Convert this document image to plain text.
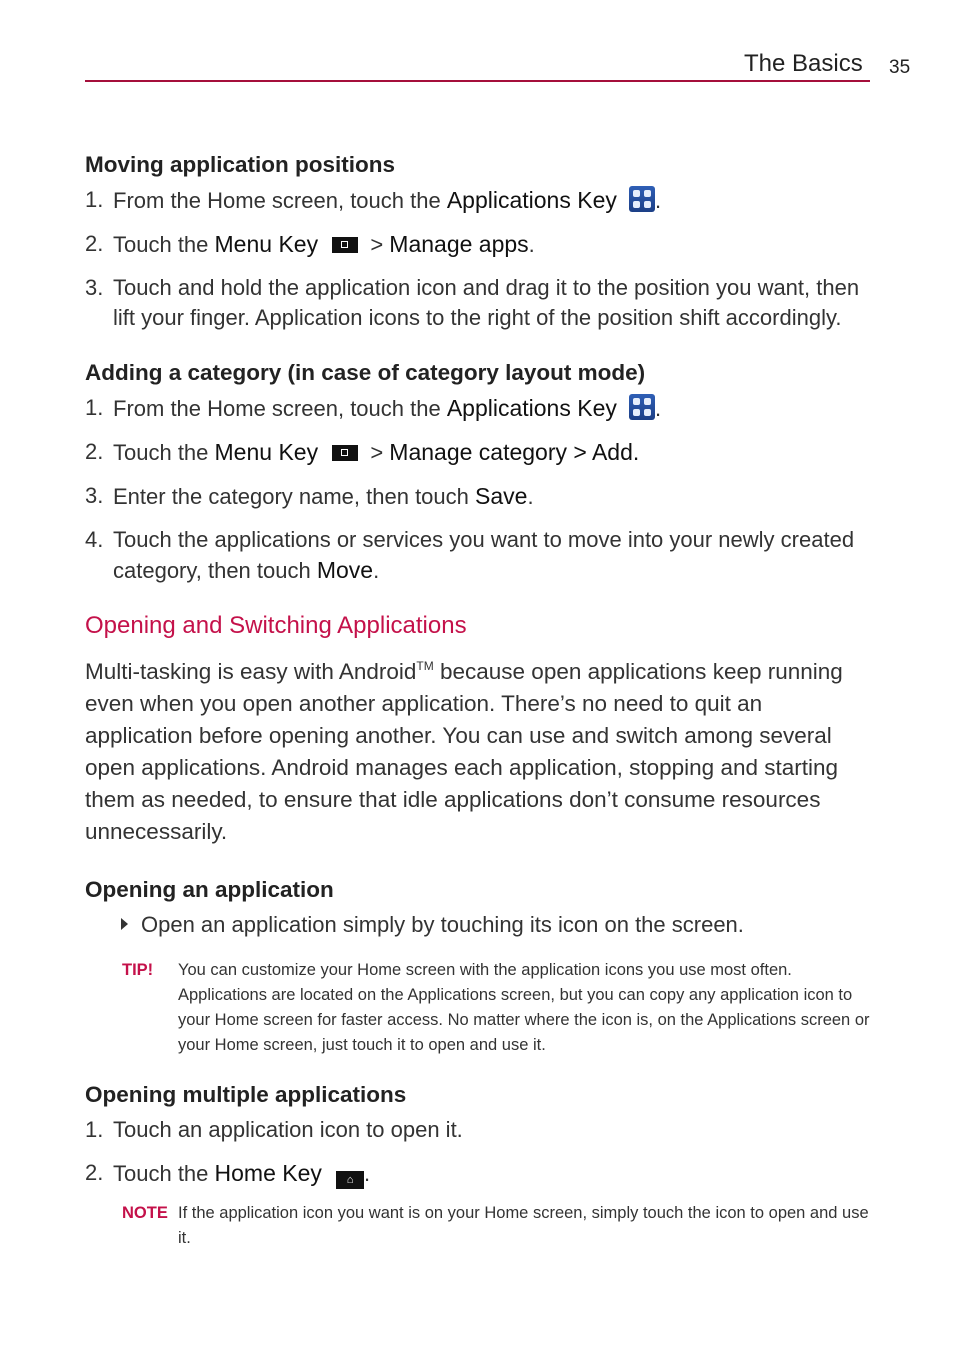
The Basics 35
Moving application positions
1. From the Home screen, touch the Applications Key .
2. Touch the Menu Key
> Manage apps.
3. Touch and hold the application icon and drag it to the position you want, then lift your finger. Application icons to the right of the position shift accordingly.
Adding a category (in case of category layout mode)
1. From the Home screen, touch the Applications Key .
2. Touch the Menu Key
> Manage category > Add.
3. Enter the category name, then touch Save.
4. Touch the applications or services you want to move into your newly created category, then touch Move.
Opening and Switching Applications
Multi-tasking is easy with Android™ because open applications keep running even when you open another application. There’s no need to quit an application before opening another. You can use and switch among several open applications. Android manages each application, stopping and starting them as needed, to ensure that idle applications don’t consume resources unnecessarily.
Opening an application
Open an application simply by touching its icon on the screen.
TIP! You can customize your Home screen with the application icons you use most often. Applications are located on the Applications screen, but you can copy any application icon to your Home screen for faster access. No matter where the icon is, on the Applications screen or your Home screen, just touch it to open and use it.
Opening multiple applications
1. Touch an application icon to open it.
2. Touch the Home Key ⌂ .
NOTE If the application icon you want is on your Home screen, simply touch the icon to open and use it.
